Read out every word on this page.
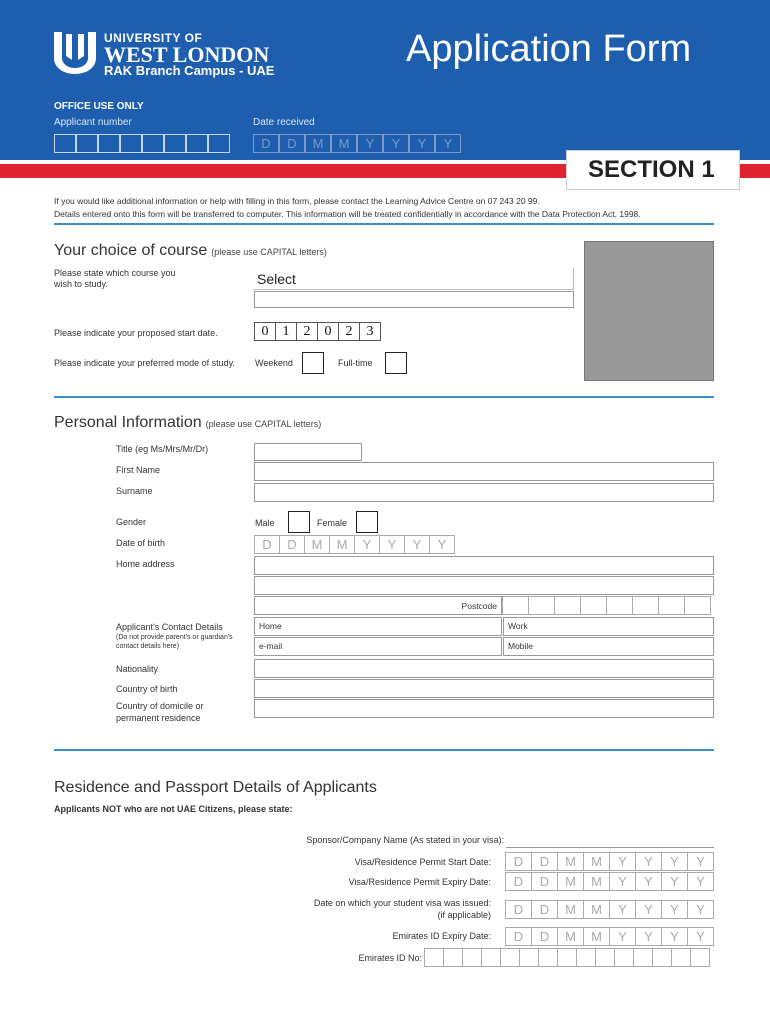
UNIVERSITY OF
WEST LONDON
RAK Branch Campus - UAE
Application Form
OFFICE USE ONLY
Applicant number	Date received
D	D	M	M	Y	Y	Y	Y
SECTION 1
If you would like additional information or help with filling in this form, please contact the Learning Advice Centre on 07 243 20 99.
Details entered onto this form will be transferred to computer. This information will be treated confidentially in accordance with the Data Protection Act, 1998.
Your choice of course (please use CAPITAL letters)
Please state which course you wish to study.	Select
Please indicate your proposed start date.	0	1	2	0	2	3
Please indicate your preferred mode of study. Weekend	Full-time
Personal Information (please use CAPITAL letters)
Title (eg Ms/Mrs/Mr/Dr)
First Name
Surname
Gender	Male	Female
Date of birth	D	D	M	M	Y	Y	Y	Y
Home address
Postcode
Applicant's Contact Details
(Do not provide parent's or guardian's contact details here)
Home	Work
e-mail	Mobile
Nationality
Country of birth
Country of domicile or permanent residence
Residence and Passport Details of Applicants
Applicants NOT who are not UAE Citizens, please state:
Sponsor/Company Name (As stated in your visa):
Visa/Residence Permit Start Date:	D	D	M	M	Y	Y	Y	Y
Visa/Residence Permit Expiry Date:	D	D	M	M	Y	Y	Y	Y
Date on which your student visa was issued:
(if applicable)	D	D	M	M	Y	Y	Y	Y
Emirates ID Expiry Date:	D	D	M	M	Y	Y	Y	Y
Emirates ID No:
